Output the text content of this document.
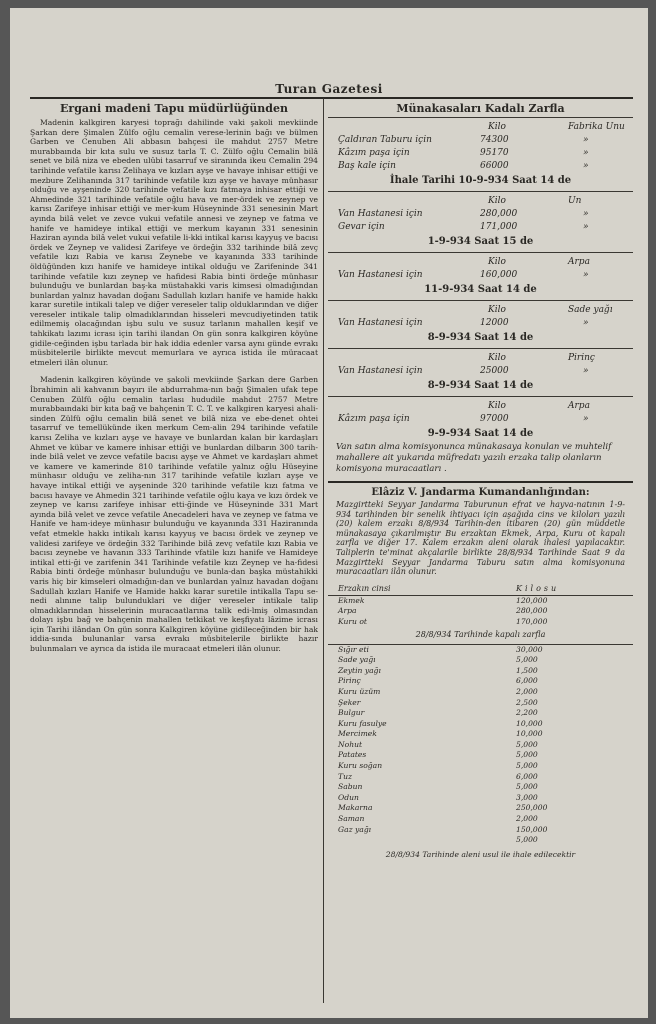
Turan Gazetesi
Ergani madeni Tapu müdürlüğünden

Madenin kalkgiren karyesi toprağı dahilinde vaki şakoli mevkiinde Şarkan dere Şimalen Zülfo oğlu cemalin verese-lerinin bağı ve bülmen Garben ve Cenuben Ali abbasın bahçesi ile mahdut 2757 Metre murabbaında bir kıta sulu ve susuz tarla T. C. Zülfo oğlu Cemalin bilâ senet ve bilâ niza ve ebeden ulûbi tasarruf ve siranında ikeu Cemalin 294 tarihinde vefatile karısı Zelihaya ve kızları ayşe ve havaye inhisar ettiği ve mezbure Zelihanında 317 tarihinde vefatile kızı ayşe ve havaye münhasır olduğu ve ayşeninde 320 tarihinde vefatile kızı fatmaya inhisar ettiği ve Ahmedinde 321 tarihinde vefatile oğlu hava ve mer-ördek ve zeynep ve karısı Zarifeye inhisar ettiği ve mer-kum Hüseyninde 331 senesinin Mart ayında bilâ velet ve zevce vukui vefatile annesi ve zeynep ve fatma ve hanife ve hamideye intikal ettiği ve merkum kayanın 331 senesinin Haziran ayında bilâ velet vukui vefatile li-kki intikal karısı kayyuş ve bacısı ördek ve Zeynep ve validesi Zarifeye ve ördeğin 332 tarihinde bilâ zevç vefatile kızı Rabia ve karısı Zeynebe ve kayanında 333 tarihinde öldüğünden kızı hanife ve hamideye intikal olduğu ve Zarifeninde 341 tarihinde vefatile kızı zeynep ve hafidesi Rabia binti ördeğe münhasır bulunduğu ve bunlardan baş-ka müstahakki varis kimsesi olmadığından bunlardan yalnız havadan doğanı Sadullah kızları hanife ve hamide hakkı karar suretile intikali talep ve diğer vereseler talip olduklarından ve diğer vereseler intikale talip olmadıklarından hisseleri mevcudiyetinden tatik edilmemiş olacağından işbu sulu ve susuz tarlanın mahallen keşif ve tahkikatı lazımı icrası için tarihi ilandan On gün sonra kalkgiren köyüne gidile-ceğinden işbu tarlada bir hak iddia edenler varsa aynı günde evrakı müsbitelerile birlikte mevcut memurlara ve ayrıca istida ile müracaat etmeleri ilân olunur.

Madenin kalkgiren köyünde ve şakoli mevkiinde Şarkan dere Garben İbrahimin ali kahvanın bayırı ile abdurrahma-nın bağı Şimalen ufak tepe Cenuben Zülfü oğlu cemalin tarlası hududile mahdut 2757 Metre murabbaındaki bir kıta bağ ve bahçenin T. C. T. ve kalkgiren karyesi ahali-sinden Zülfü oğlu cemalin bilâ senet ve bilâ niza ve ebe-denet ohtei tasarruf ve temellükünde iken merkum Cem-alin 294 tarihinde vefatile karısı Zeliha ve kızları ayşe ve havaye ve bunlardan kalan bir kardaşları Ahmet ve kübar ve kamere inhisar ettiği ve bunlardan dilbarın 300 tarih-inde bilâ velet ve zevce vefatile bacısı ayşe ve Ahmet ve kardaşları ahmet ve kamere ve kamerinde 810 tarihinde vefatile yalnız oğlu Hüseyine münhasır olduğu ve zeliha-nın 317 tarihinde vefatile kızları ayşe ve havaye intikal ettiği ve ayşeninde 320 tarihinde vefatile kızı fatma ve bacısı havaye ve Ahmedin 321 tarihinde vefatile oğlu kaya ve kızı ördek ve zeynep ve karısı zarifeye inhisar etti-ğinde ve Hüseyninde 331 Mart ayında bilâ velet ve zevce vefatile Anecadeleri hava ve zeynep ve fatma ve Hanife ve ham-ideye münhasır bulunduğu ve kayanında 331 Haziranında vefat etmekle hakkı intikalı karısı kayyuş ve bacısı ördek ve zeynep ve validesi zarifeye ve ördeğin 332 Tarihinde bilâ zevç vefatile kızı Rabia ve bacısı zeynebe ve havanın 333 Tarihinde vfatile kızı hanife ve Hamideye intikal etti-ği ve zarifenin 341 Tarihinde vefatile kızı Zeynep ve ha-fidesi Rabia binti ördeğe münhasır bulunduğu ve bunla-dan başka müstahikki varis hiç bir kimseleri olmadığın-dan ve bunlardan yalnız havadan doğanı Sadullah kızları Hanife ve Hamide hakkı karar suretile intikalla Tapu se-nedi alınıne talip bulunduklari ve diğer vereseler intikale talip olmadıklarından hisselerinin muracaatlarına talik edi-lmiş olmasından dolayı işbu bağ ve bahçenin mahallen tetkikat ve keşfiyatı lâzime icrası için Tarihi ilândan On gün sonra Kalkgiren köyüne gidileceğinden bir hak iddia-sında bulunanlar varsa evrakı müsbitelerile birlikte hazır bulunmaları ve ayrıca da istida ile muracaat etmeleri ilân olunur.

Münakasaları Kadalı Zarfla
Kilo	Fabrika Unu
Çaldıran Taburu için	74300	»
Kâzım paşa için	95170	»
Baş kale için	66000	»
İhale Tarihi 10-9-934 Saat 14 de
Kilo	Un
Van Hastanesi için	280,000	»
Gevar için	171,000	»
1-9-934 Saat 15 de
Kilo	Arpa
Van Hastanesi için	160,000	»
11-9-934 Saat 14 de
Kilo	Sade yağı
Van Hastanesi için	12000	»
8-9-934 Saat 14 de
Kilo	Pirinç
Van Hastanesi için	25000	»
8-9-934 Saat 14 de
Kilo	Arpa
Kâzım paşa için	97000	»
9-9-934 Saat 14 de
Van satın alma komisyonunca münakasaya konulan ve muhtelif mahallere ait yukarıda müfredatı yazılı erzaka talip olanların komisyona muracaatları .
Elâziz V. Jandarma Kumandanlığından:
Mazgirtteki Seyyar Jandarma Taburunun efrat ve hayva-natının 1-9-934 tarihinden bir senelik ihtiyacı için aşağıda cins ve kiloları yazılı (20) kalem erzakı 8/8/934 Tarihin-den itibaren (20) gün müddetle münakasaya çıkarılmıştır Bu erzaktan Ekmek, Arpa, Kuru ot kapalı zarfla ve diğer 17. Kalem erzakın aleni olarak ihalesi yapılacaktır. Taliplerin te'minat akçalarile birlikte 28/8/934 Tarihinde Saat 9 da Mazgirtteki Seyyar Jandarma Taburu satın alma komisyonuna muracaatları ilân olunur.
Erzakın cinsi	Kilosu
Ekmek	120,000
Arpa	280,000
Kuru ot	170,000
28/8/934 Tarihinde kapalı zarfla
Sığır eti	30,000
Sade yağı	5,000
Zeytin yağı	1,500
Pirinç	6,000
Kuru üzüm	2,000
Şeker	2,500
Bulgur	2,200
Kuru fasulye	10,000
Mercimek	10,000
Nohut	5,000
Patates	5,000
Kuru soğan	5,000
Tuz	6,000
Sabun	5,000
Odun	3,000
Makarna	250,000
Saman	2,000
Gaz yağı	150,000
5,000
28/8/934 Tarihinde aleni usul ile ihale edilecektir
